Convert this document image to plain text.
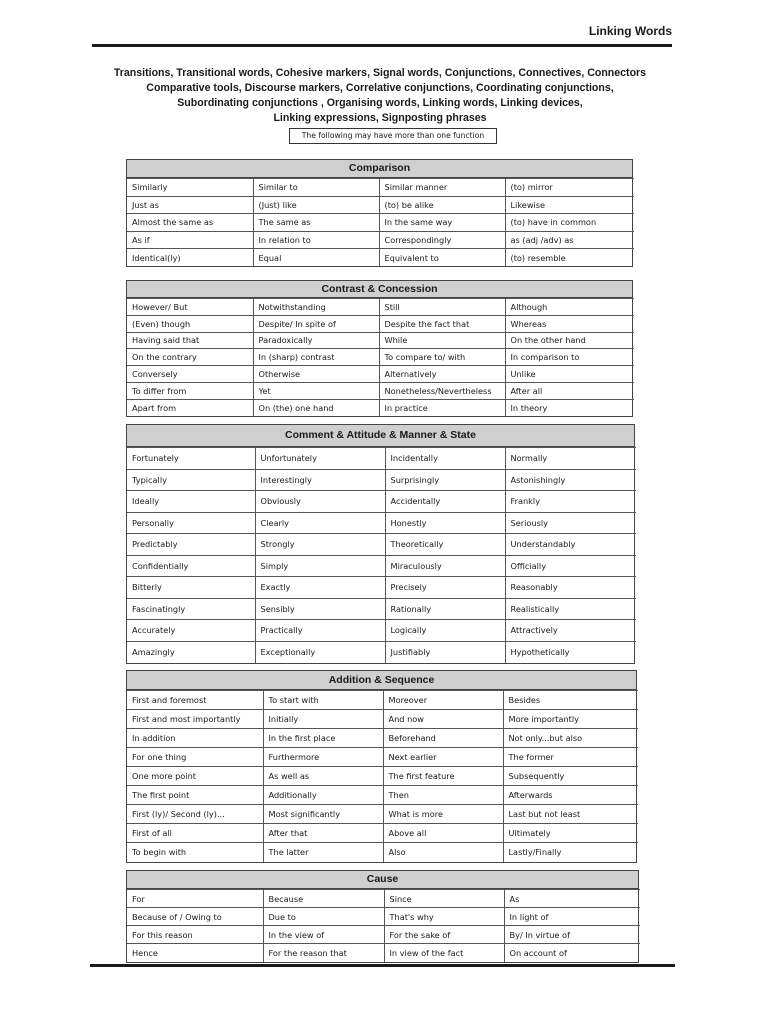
Linking Words
Transitions, Transitional words, Cohesive markers, Signal words, Conjunctions, Connectives, Connectors
Comparative tools, Discourse markers, Correlative conjunctions, Coordinating conjunctions,
Subordinating conjunctions , Organising words, Linking words, Linking devices,
Linking expressions, Signposting phrases
The following may have more than one function
Comparison
Similarly	Similar to	Similar manner	(to) mirror
Just as	(Just) like	(to) be alike	Likewise
Almost the same as	The same as	In the same way	(to) have in common
As if	In relation to	Correspondingly	as (adj /adv) as
Identical(ly)	Equal	Equivalent to	(to) resemble
Contrast & Concession
However/ But	Notwithstanding	Still	Although
(Even) though	Despite/ In spite of	Despite the fact that	Whereas
Having said that	Paradoxically	While	On the other hand
On the contrary	In (sharp) contrast	To compare to/ with	In comparison to
Conversely	Otherwise	Alternatively	Unlike
To differ from	Yet	Nonetheless/Nevertheless	After all
Apart from	On (the) one hand	In practice	In theory
Comment & Attitude & Manner & State
Fortunately	Unfortunately	Incidentally	Normally
Typically	Interestingly	Surprisingly	Astonishingly
Ideally	Obviously	Accidentally	Frankly
Personally	Clearly	Honestly	Seriously
Predictably	Strongly	Theoretically	Understandably
Confidentially	Simply	Miraculously	Officially
Bitterly	Exactly	Precisely	Reasonably
Fascinatingly	Sensibly	Rationally	Realistically
Accurately	Practically	Logically	Attractively
Amazingly	Exceptionally	Justifiably	Hypothetically
Addition & Sequence
First and foremost	To start with	Moreover	Besides
First and most importantly	Initially	And now	More importantly
In addition	In the first place	Beforehand	Not only...but also
For one thing	Furthermore	Next earlier	The former
One more point	As well as	The first feature	Subsequently
The first point	Additionally	Then	Afterwards
First (ly)/ Second (ly)...	Most significantly	What is more	Last but not least
First of all	After that	Above all	Ultimately
To begin with	The latter	Also	Lastly/Finally
Cause
For	Because	Since	As
Because of / Owing to	Due to	That's why	In light of
For this reason	In the view of	For the sake of	By/ In virtue of
Hence	For the reason that	In view of the fact	On account of
